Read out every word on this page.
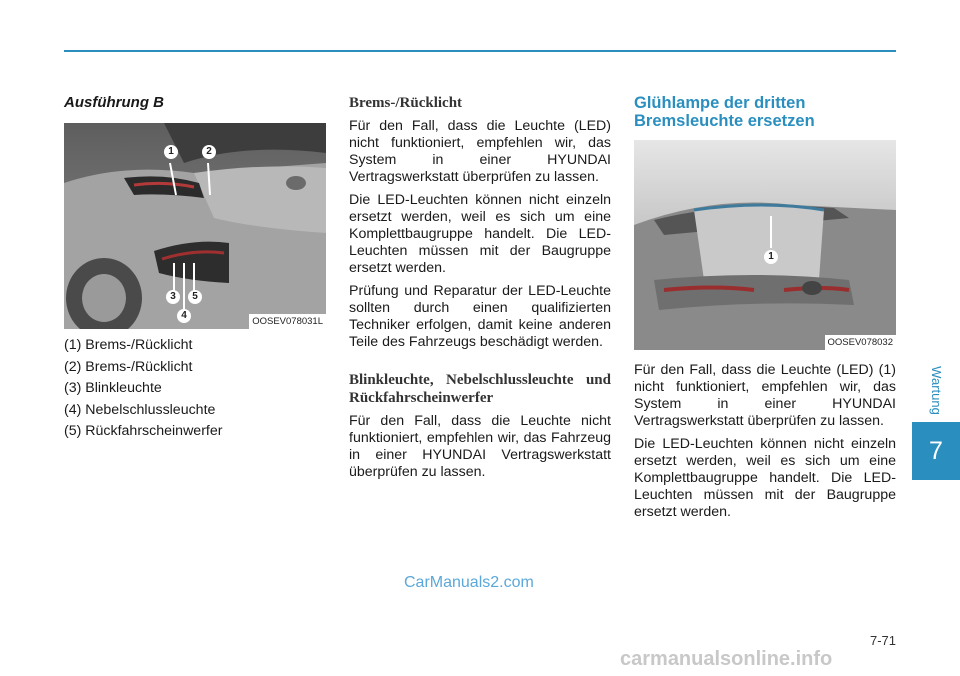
Ausführung B
1	2
3
4
5
OOSEV078031L

(1) Brems-/Rücklicht

(2) Brems-/Rücklicht

(3) Blinkleuchte

(4) Nebelschlussleuchte

(5) Rückfahrscheinwerfer

Brems-/Rücklicht

Für den Fall, dass die Leuchte (LED) nicht funktioniert, empfehlen wir, das System in einer HYUNDAI Vertragswerkstatt überprüfen zu lassen.

Die LED-Leuchten können nicht einzeln ersetzt werden, weil es sich um eine Komplettbaugruppe handelt. Die LED-Leuchten müssen mit der Baugruppe ersetzt werden.

Prüfung und Reparatur der LED-Leuchte sollten durch einen qualifizierten Techniker erfolgen, damit keine anderen Teile des Fahrzeugs beschädigt werden.

Blinkleuchte, Nebelschlussleuchte und Rückfahrscheinwerfer

Für den Fall, dass die Leuchte nicht funktioniert, empfehlen wir, das Fahrzeug in einer HYUNDAI Vertragswerkstatt überprüfen zu lassen.

Glühlampe der dritten Bremsleuchte ersetzen
1
OOSEV078032

Für den Fall, dass die Leuchte (LED) (1) nicht funktioniert, empfehlen wir, das System in einer HYUNDAI Vertragswerkstatt überprüfen zu lassen.

Die LED-Leuchten können nicht einzeln ersetzt werden, weil es sich um eine Komplettbaugruppe handelt. Die LED-Leuchten müssen mit der Baugruppe ersetzt werden.

Wartung
7
7-71
CarManuals2.com
carmanualsonline.info
